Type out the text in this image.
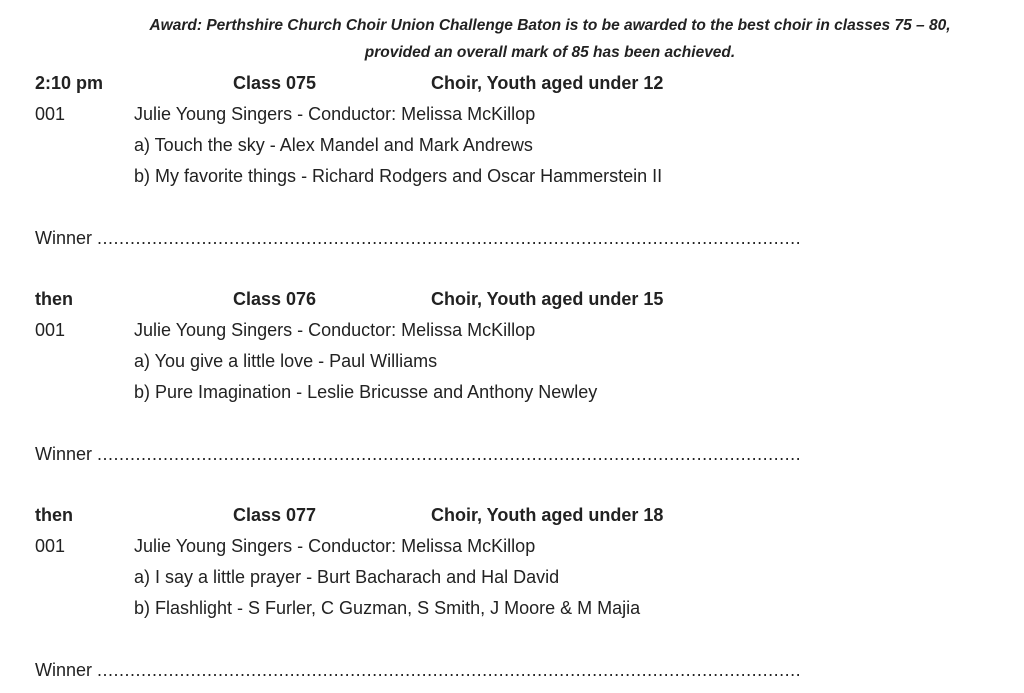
Award: Perthshire Church Choir Union Challenge Baton is to be awarded to the best choir in classes 75 – 80,
provided an overall mark of 85 has been achieved.
2:10 pm	Class 075	Choir, Youth aged under 12
001	Julie Young Singers - Conductor: Melissa McKillop
a) Touch the sky - Alex Mandel and Mark Andrews
b) My favorite things - Richard Rodgers and Oscar Hammerstein II
Winner ................................................................................................................................
then	Class 076	Choir, Youth aged under 15
001	Julie Young Singers - Conductor: Melissa McKillop
a) You give a little love - Paul Williams
b) Pure Imagination - Leslie Bricusse and Anthony Newley
Winner ................................................................................................................................
then	Class 077	Choir, Youth aged under 18
001	Julie Young Singers - Conductor: Melissa McKillop
a) I say a little prayer - Burt Bacharach and Hal David
b) Flashlight - S Furler, C Guzman, S Smith, J Moore & M Majia
Winner ................................................................................................................................
